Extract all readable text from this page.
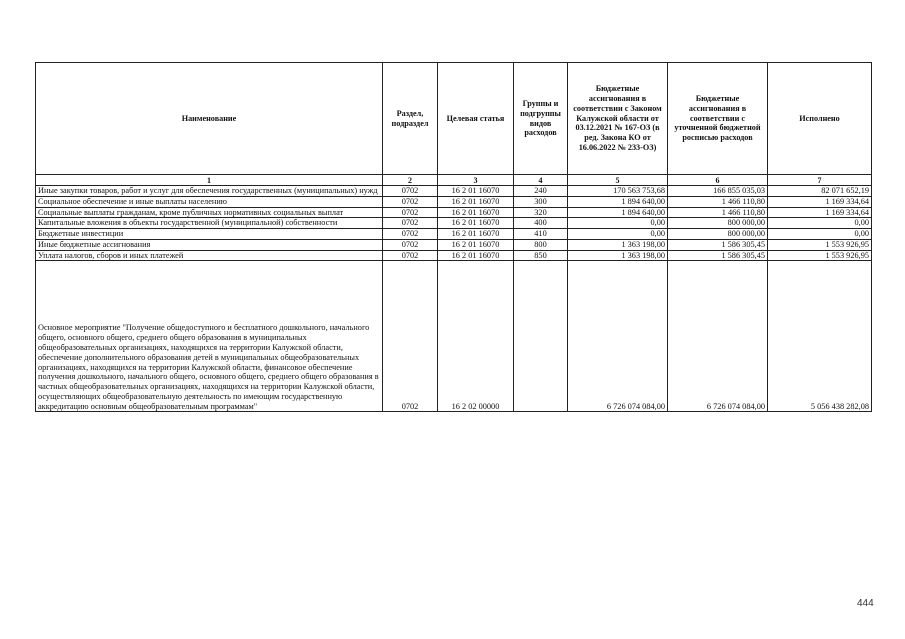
Наименование	Раздел, подраздел	Целевая статья	Группы и подгруппы видов расходов	Бюджетные ассигнования в соответствии с Законом Калужской области от 03.12.2021 № 167-ОЗ (в ред. Закона КО от 16.06.2022 № 233-ОЗ)	Бюджетные ассигнования в соответствии с уточненной бюджетной росписью расходов	Исполнено
1	2	3	4	5	6	7
Иные закупки товаров, работ и услуг для обеспечения государственных (муниципальных) нужд	0702	16 2 01 16070	240	170 563 753,68	166 855 035,03	82 071 652,19
Социальное обеспечение и иные выплаты населению	0702	16 2 01 16070	300	1 894 640,00	1 466 110,80	1 169 334,64
Социальные выплаты гражданам, кроме публичных нормативных социальных выплат	0702	16 2 01 16070	320	1 894 640,00	1 466 110,80	1 169 334,64
Капитальные вложения в объекты государственной (муниципальной) собственности	0702	16 2 01 16070	400	0,00	800 000,00	0,00
Бюджетные инвестиции	0702	16 2 01 16070	410	0,00	800 000,00	0,00
Иные бюджетные ассигнования	0702	16 2 01 16070	800	1 363 198,00	1 586 305,45	1 553 926,95
Уплата налогов, сборов и иных платежей	0702	16 2 01 16070	850	1 363 198,00	1 586 305,45	1 553 926,95
Основное мероприятие "Получение общедоступного и бесплатного дошкольного, начального общего, основного общего, среднего общего образования в муниципальных общеобразовательных организациях, находящихся на территории Калужской области, обеспечение дополнительного образования детей в муниципальных общеобразовательных организациях, находящихся на территории Калужской области, финансовое обеспечение получения дошкольного, начального общего, основного общего, среднего общего образования в частных общеобразовательных организациях, находящихся на территории Калужской области, осуществляющих общеобразовательную деятельность по имеющим государственную аккредитацию основным общеобразовательным программам"	0702	16 2 02 00000		6 726 074 084,00	6 726 074 084,00	5 056 438 282,08
444
